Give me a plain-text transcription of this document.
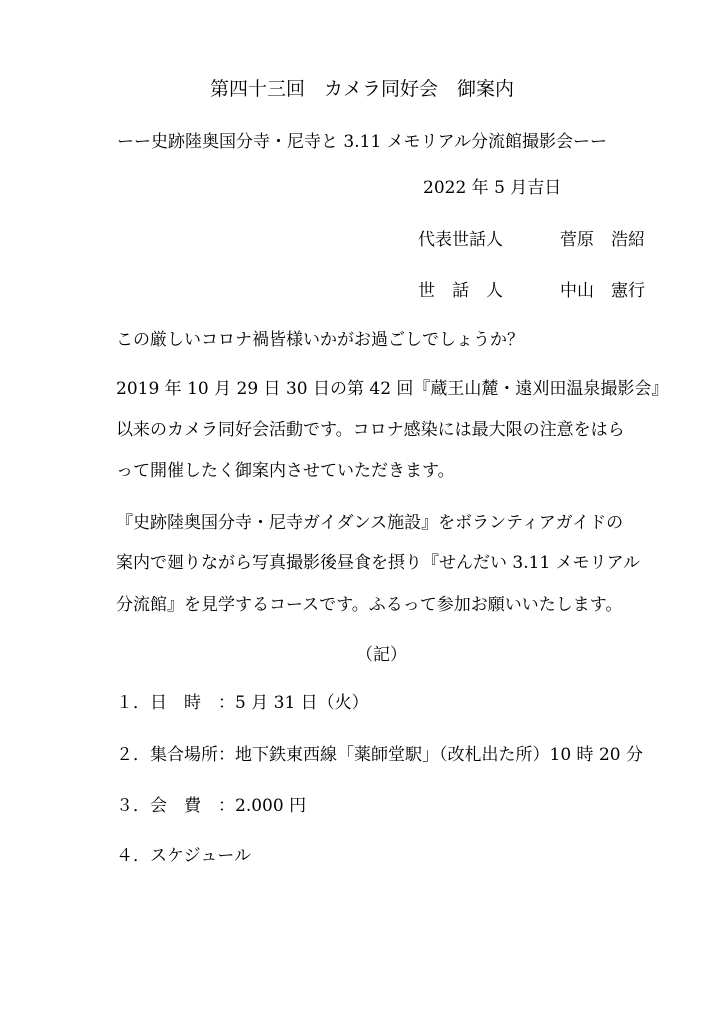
第四十三回　カメラ同好会　御案内
ーー史跡陸奥国分寺・尼寺と 3.11 メモリアル分流館撮影会ーー
2022 年 5 月吉日
代表世話人	菅原　浩紹
世　話　人	中山　憲行
この厳しいコロナ禍皆様いかがお過ごしでしょうか？
2019 年 10 月 29 日 30 日の第 42 回『蔵王山麓・遠刈田温泉撮影会』
以来のカメラ同好会活動です。コロナ感染には最大限の注意をはら
って開催したく御案内させていただきます。
『史跡陸奥国分寺・尼寺ガイダンス施設』をボランティアガイドの
案内で廻りながら写真撮影後昼食を摂り『せんだい 3.11 メモリアル
分流館』を見学するコースです。ふるって参加お願いいたします。
（記）
１．日　時　：5 月 31 日（火）
２．集合場所：地下鉄東西線「薬師堂駅」（改札出た所）10 時 20 分
３．会　費　：2.000 円
４．スケジュール
